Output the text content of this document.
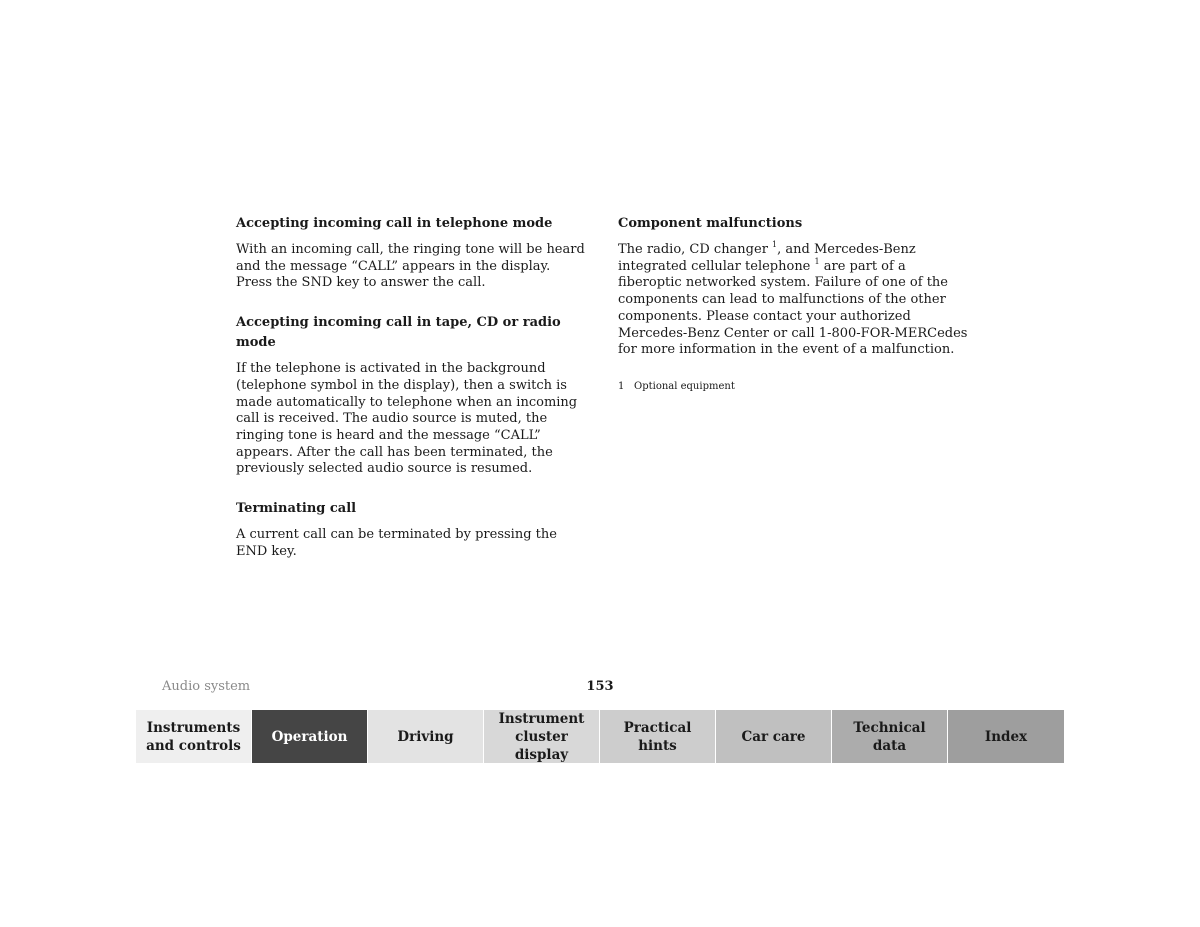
Accepting incoming call in telephone mode

With an incoming call, the ringing tone will be heard and the message “CALL” appears in the display. Press the SND key to answer the call.

Accepting incoming call in tape, CD or radio mode

If the telephone is activated in the background (telephone symbol in the display), then a switch is made automatically to telephone when an incoming call is received. The audio source is muted, the ringing tone is heard and the message “CALL” appears. After the call has been terminated, the previously selected audio source is resumed.

Terminating call

A current call can be terminated by pressing the END key.

Component malfunctions

The radio, CD changer $^1$, and Mercedes-Benz integrated cellular telephone $^1$ are part of a fiberoptic networked system. Failure of one of the components can lead to malfunctions of the other components. Please contact your authorized Mercedes-Benz Center or call 1-800-FOR-MERCedes for more information in the event of a malfunction.

1 Optional equipment
Audio system	153
Instruments
and controls
Operation	Driving
Instrument
cluster display
Practical hints
Car care
Technical
data
Index
